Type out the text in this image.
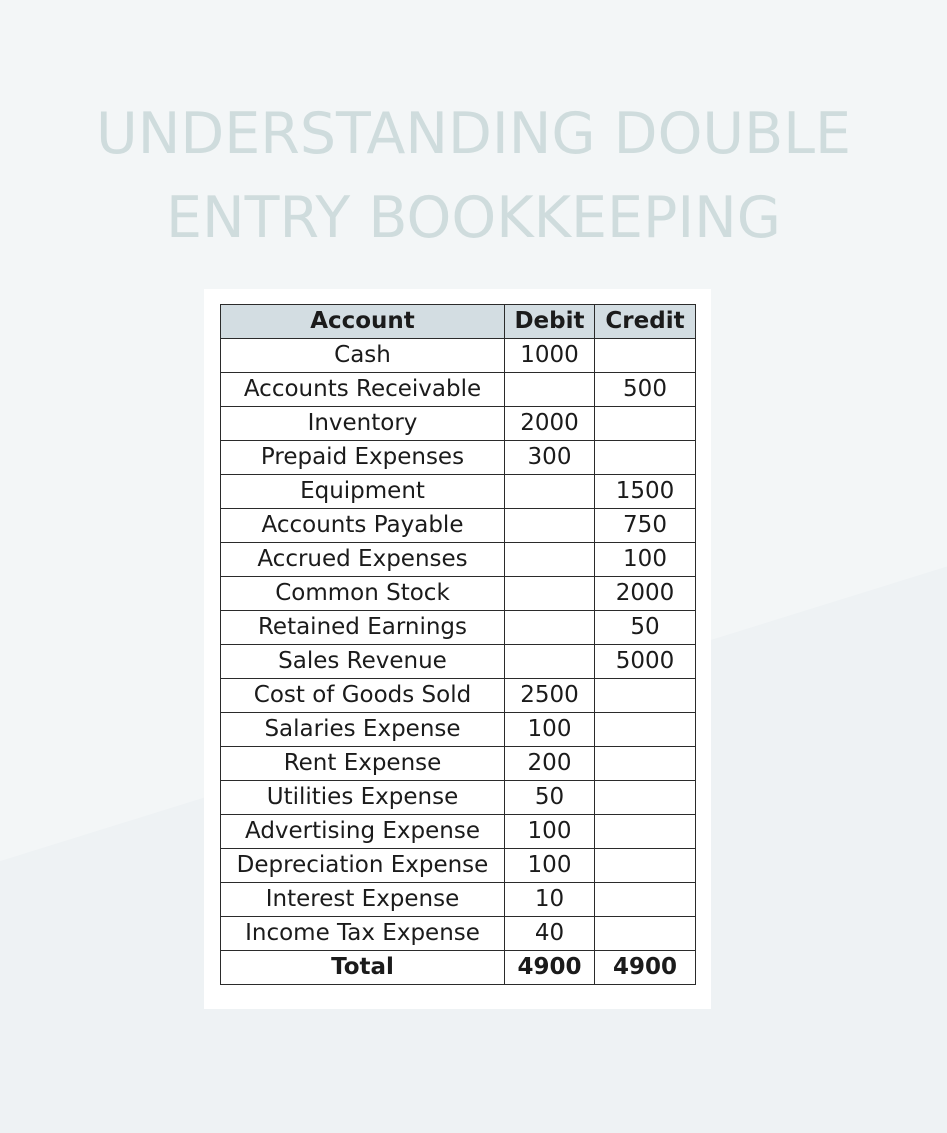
UNDERSTANDING DOUBLE
ENTRY BOOKKEEPING
Account	Debit	Credit
Cash	1000	
Accounts Receivable		500
Inventory	2000	
Prepaid Expenses	300	
Equipment		1500
Accounts Payable		750
Accrued Expenses		100
Common Stock		2000
Retained Earnings		50
Sales Revenue		5000
Cost of Goods Sold	2500	
Salaries Expense	100	
Rent Expense	200	
Utilities Expense	50	
Advertising Expense	100	
Depreciation Expense	100	
Interest Expense	10	
Income Tax Expense	40	
Total	4900	4900
